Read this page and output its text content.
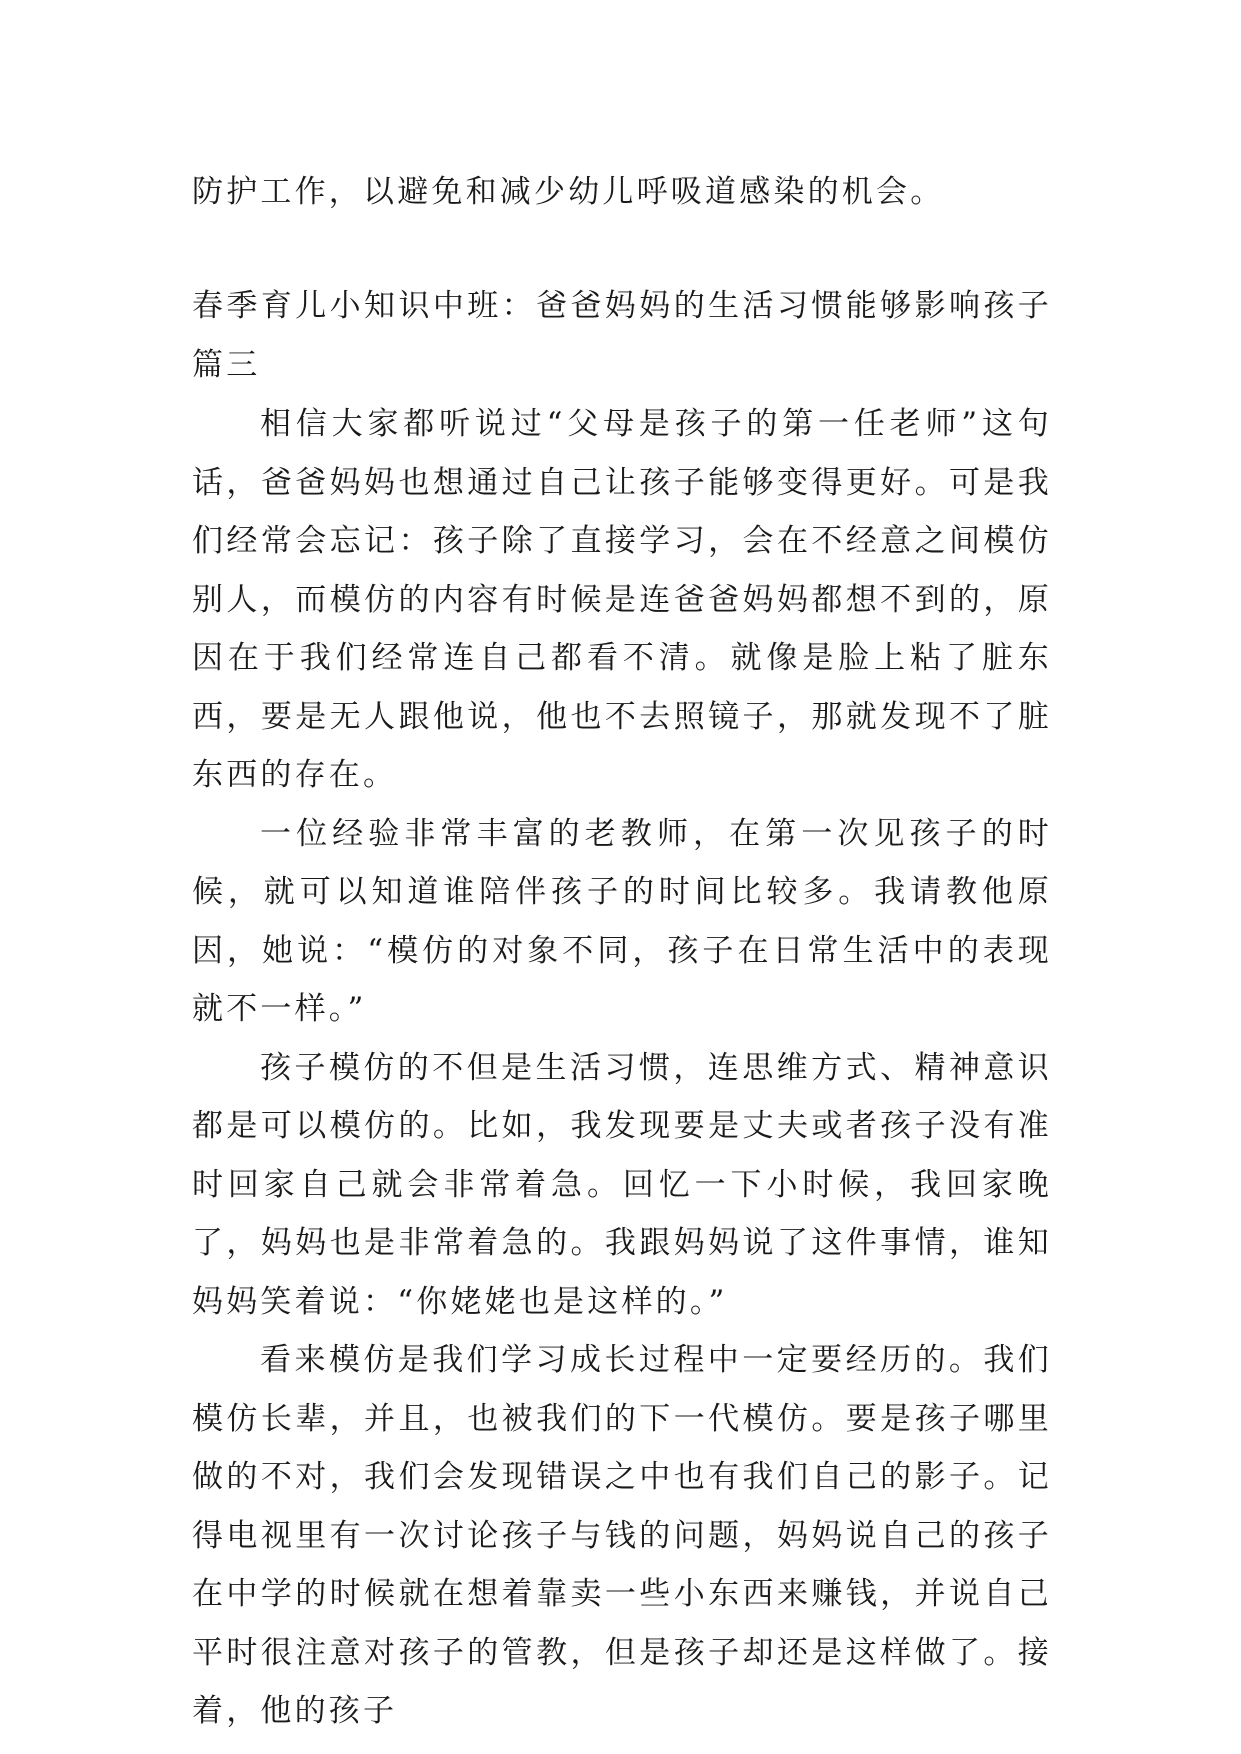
防护工作，以避免和减少幼儿呼吸道感染的机会。

春季育儿小知识中班：爸爸妈妈的生活习惯能够影响孩子篇三

相信大家都听说过“父母是孩子的第一任老师”这句话，爸爸妈妈也想通过自己让孩子能够变得更好。可是我们经常会忘记：孩子除了直接学习，会在不经意之间模仿别人，而模仿的内容有时候是连爸爸妈妈都想不到的，原因在于我们经常连自己都看不清。就像是脸上粘了脏东西，要是无人跟他说，他也不去照镜子，那就发现不了脏东西的存在。

一位经验非常丰富的老教师，在第一次见孩子的时候，就可以知道谁陪伴孩子的时间比较多。我请教他原因，她说：“模仿的对象不同，孩子在日常生活中的表现就不一样。”

孩子模仿的不但是生活习惯，连思维方式、精神意识都是可以模仿的。比如，我发现要是丈夫或者孩子没有准时回家自己就会非常着急。回忆一下小时候，我回家晚了，妈妈也是非常着急的。我跟妈妈说了这件事情，谁知妈妈笑着说：“你姥姥也是这样的。”

看来模仿是我们学习成长过程中一定要经历的。我们模仿长辈，并且，也被我们的下一代模仿。要是孩子哪里做的不对，我们会发现错误之中也有我们自己的影子。记得电视里有一次讨论孩子与钱的问题，妈妈说自己的孩子在中学的时候就在想着靠卖一些小东西来赚钱，并说自己平时很注意对孩子的管教，但是孩子却还是这样做了。接着，他的孩子
